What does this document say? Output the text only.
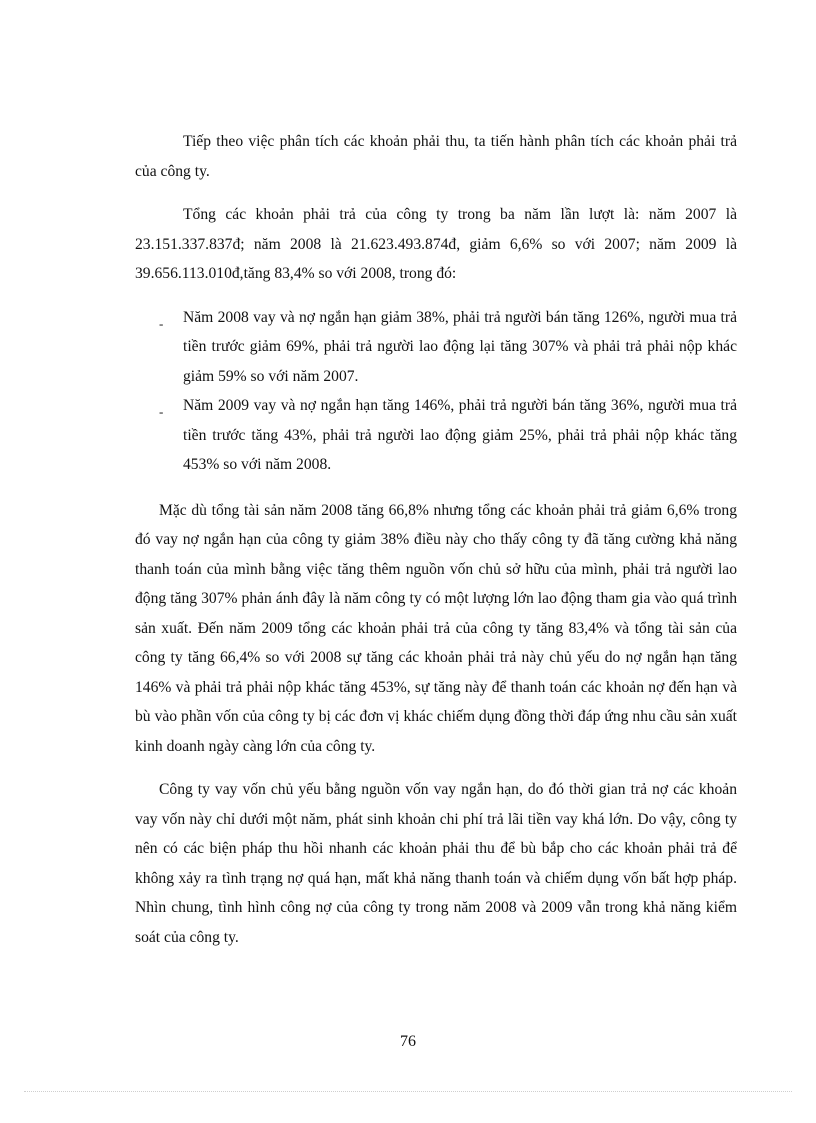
Tiếp theo việc phân tích các khoản phải thu, ta tiến hành phân tích các khoản phải trả của công ty.

Tổng các khoản phải trả của công ty trong ba năm lần lượt là: năm 2007 là 23.151.337.837đ; năm 2008 là 21.623.493.874đ, giảm 6,6% so với 2007; năm 2009 là 39.656.113.010đ,tăng 83,4% so với 2008, trong đó:

- Năm 2008 vay và nợ ngắn hạn giảm 38%, phải trả người bán tăng 126%, người mua trả tiền trước giảm 69%, phải trả người lao động lại tăng 307% và phải trả phải nộp khác giảm 59% so với năm 2007.
- Năm 2009 vay và nợ ngắn hạn tăng 146%, phải trả người bán tăng 36%, người mua trả tiền trước tăng 43%, phải trả người lao động giảm 25%, phải trả phải nộp khác tăng 453% so với năm 2008.

Mặc dù tổng tài sản năm 2008 tăng 66,8% nhưng tổng các khoản phải trả giảm 6,6% trong đó vay nợ ngắn hạn của công ty giảm 38% điều này cho thấy công ty đã tăng cường khả năng thanh toán của mình bằng việc tăng thêm nguồn vốn chủ sở hữu của mình, phải trả người lao động tăng 307% phản ánh đây là năm công ty có một lượng lớn lao động tham gia vào quá trình sản xuất. Đến năm 2009 tổng các khoản phải trả của công ty tăng 83,4% và tổng tài sản của công ty tăng 66,4% so với 2008 sự tăng các khoản phải trả này chủ yếu do nợ ngắn hạn tăng 146% và phải trả phải nộp khác tăng 453%, sự tăng này để thanh toán các khoản nợ đến hạn và bù vào phần vốn của công ty bị các đơn vị khác chiếm dụng đồng thời đáp ứng nhu cầu sản xuất kinh doanh ngày càng lớn của công ty.

Công ty vay vốn chủ yếu bằng nguồn vốn vay ngắn hạn, do đó thời gian trả nợ các khoản vay vốn này chỉ dưới một năm, phát sinh khoản chi phí trả lãi tiền vay khá lớn. Do vậy, công ty nên có các biện pháp thu hồi nhanh các khoản phải thu để bù bắp cho các khoản phải trả để không xảy ra tình trạng nợ quá hạn, mất khả năng thanh toán và chiếm dụng vốn bất hợp pháp. Nhìn chung, tình hình công nợ của công ty trong năm 2008 và 2009 vẫn trong khả năng kiểm soát của công ty.

76
